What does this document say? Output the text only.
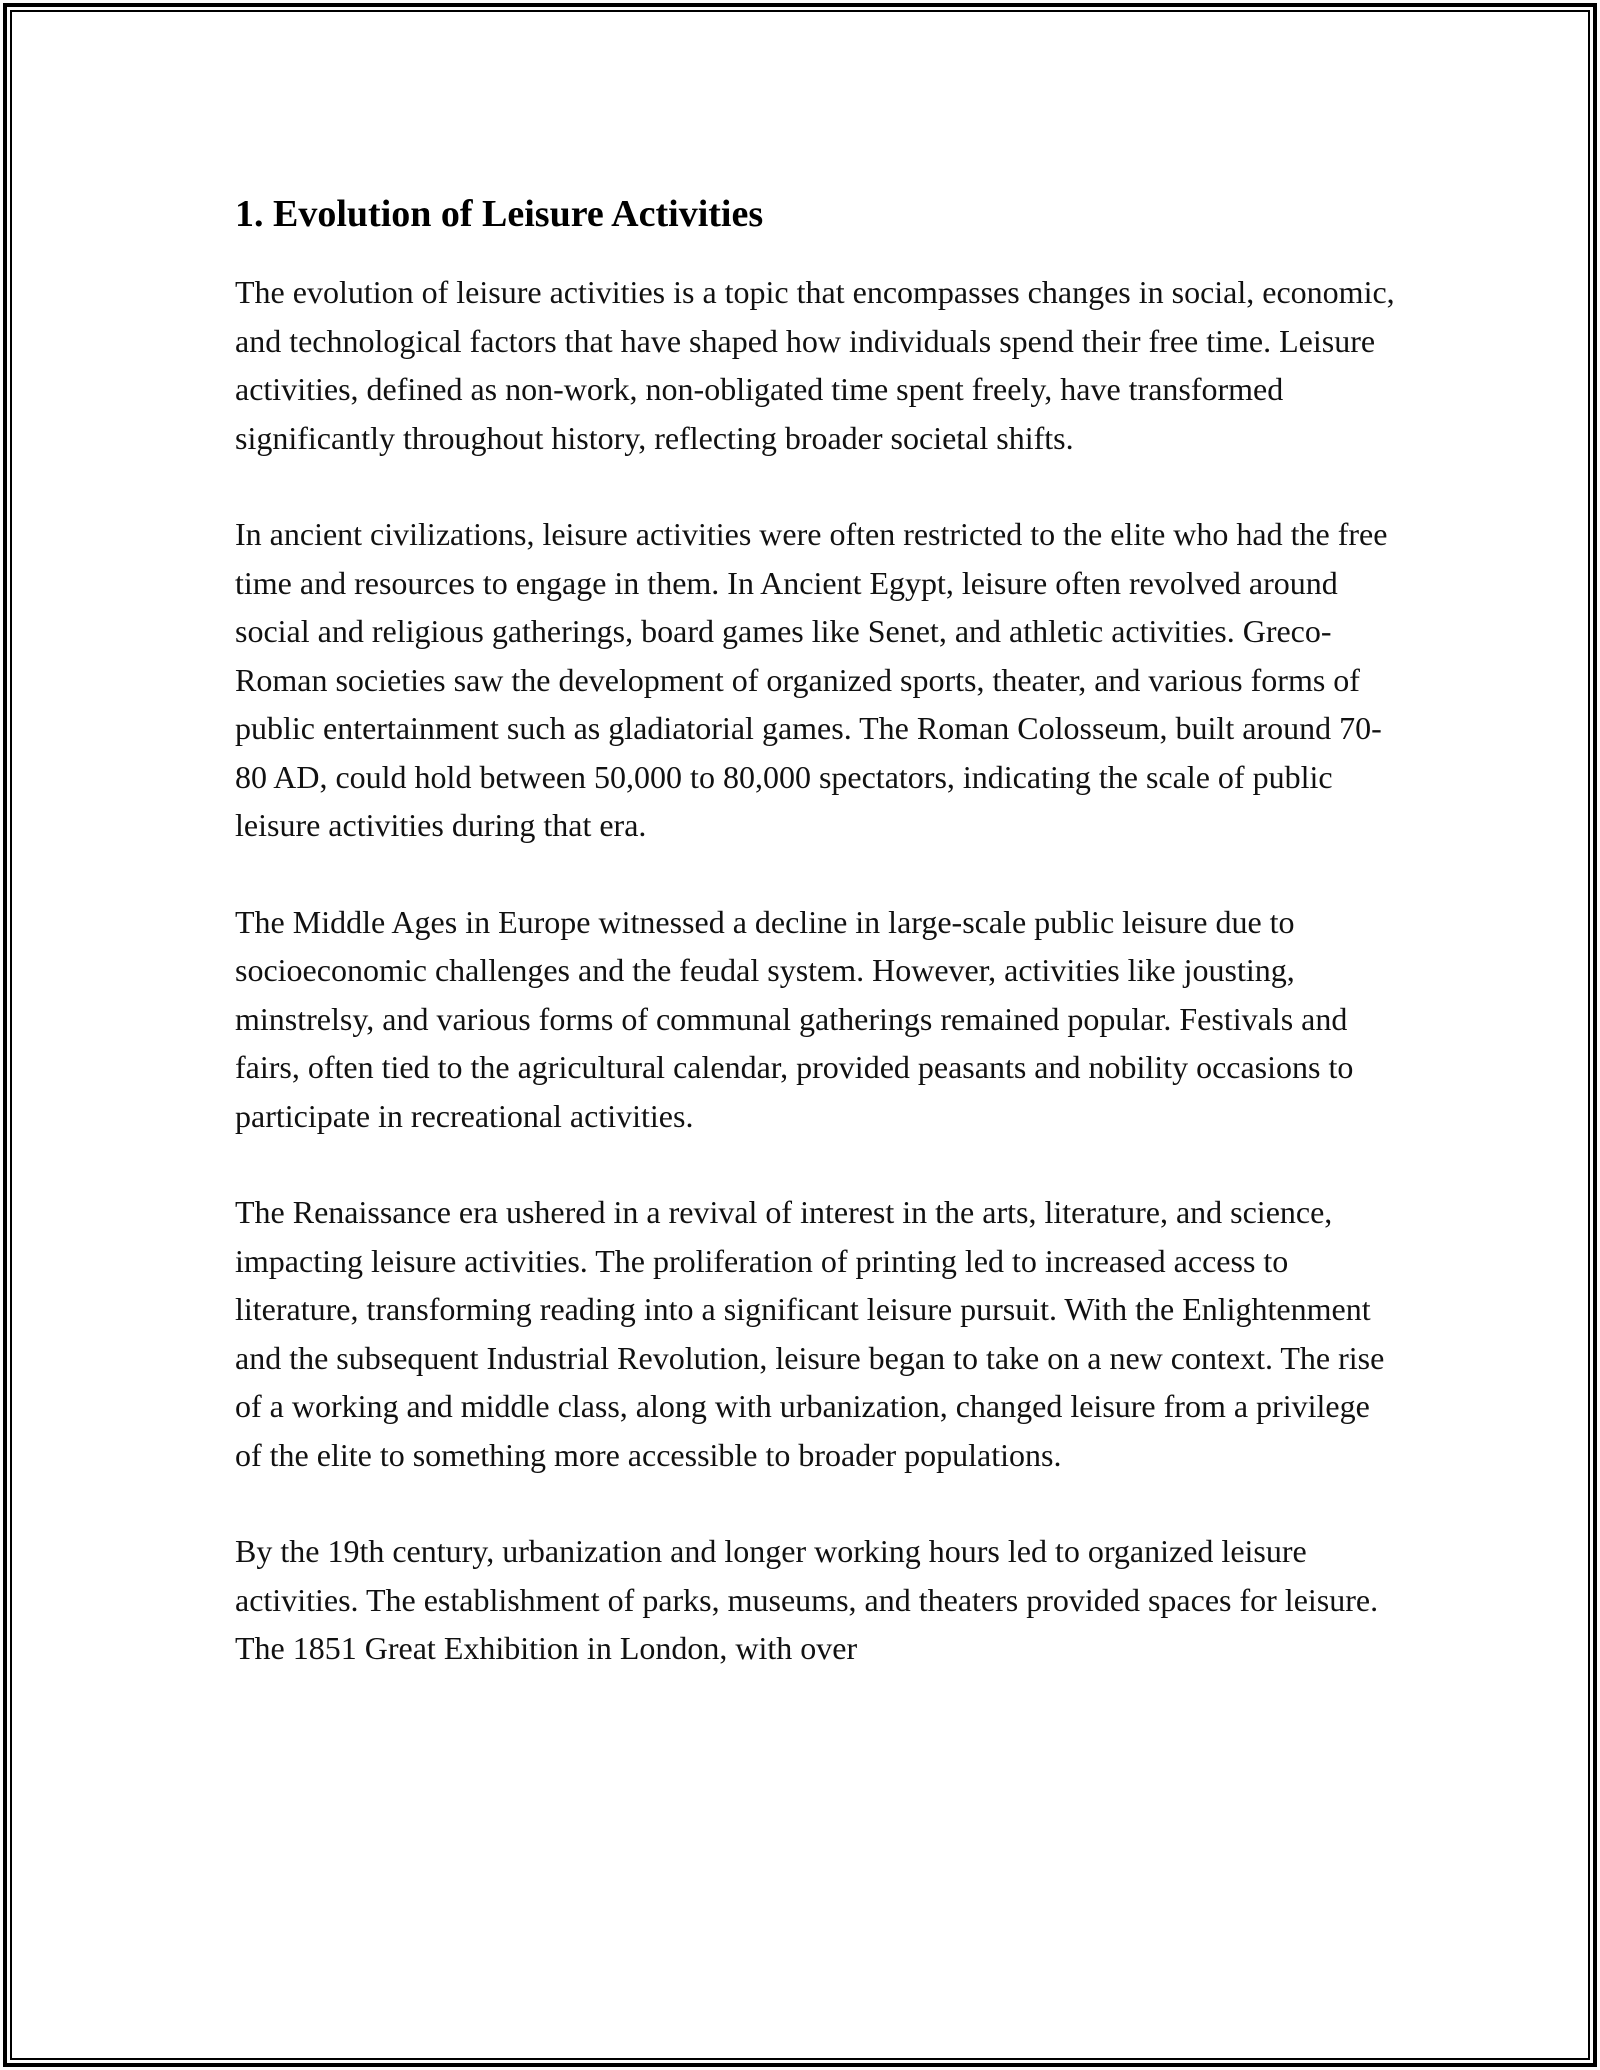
1. Evolution of Leisure Activities

The evolution of leisure activities is a topic that encompasses changes in social, economic, and technological factors that have shaped how individuals spend their free time. Leisure activities, defined as non-work, non-obligated time spent freely, have transformed significantly throughout history, reflecting broader societal shifts.

In ancient civilizations, leisure activities were often restricted to the elite who had the free time and resources to engage in them. In Ancient Egypt, leisure often revolved around social and religious gatherings, board games like Senet, and athletic activities. Greco-Roman societies saw the development of organized sports, theater, and various forms of public entertainment such as gladiatorial games. The Roman Colosseum, built around 70-80 AD, could hold between 50,000 to 80,000 spectators, indicating the scale of public leisure activities during that era.

The Middle Ages in Europe witnessed a decline in large-scale public leisure due to socioeconomic challenges and the feudal system. However, activities like jousting, minstrelsy, and various forms of communal gatherings remained popular. Festivals and fairs, often tied to the agricultural calendar, provided peasants and nobility occasions to participate in recreational activities.

The Renaissance era ushered in a revival of interest in the arts, literature, and science, impacting leisure activities. The proliferation of printing led to increased access to literature, transforming reading into a significant leisure pursuit. With the Enlightenment and the subsequent Industrial Revolution, leisure began to take on a new context. The rise of a working and middle class, along with urbanization, changed leisure from a privilege of the elite to something more accessible to broader populations.

By the 19th century, urbanization and longer working hours led to organized leisure activities. The establishment of parks, museums, and theaters provided spaces for leisure. The 1851 Great Exhibition in London, with over
